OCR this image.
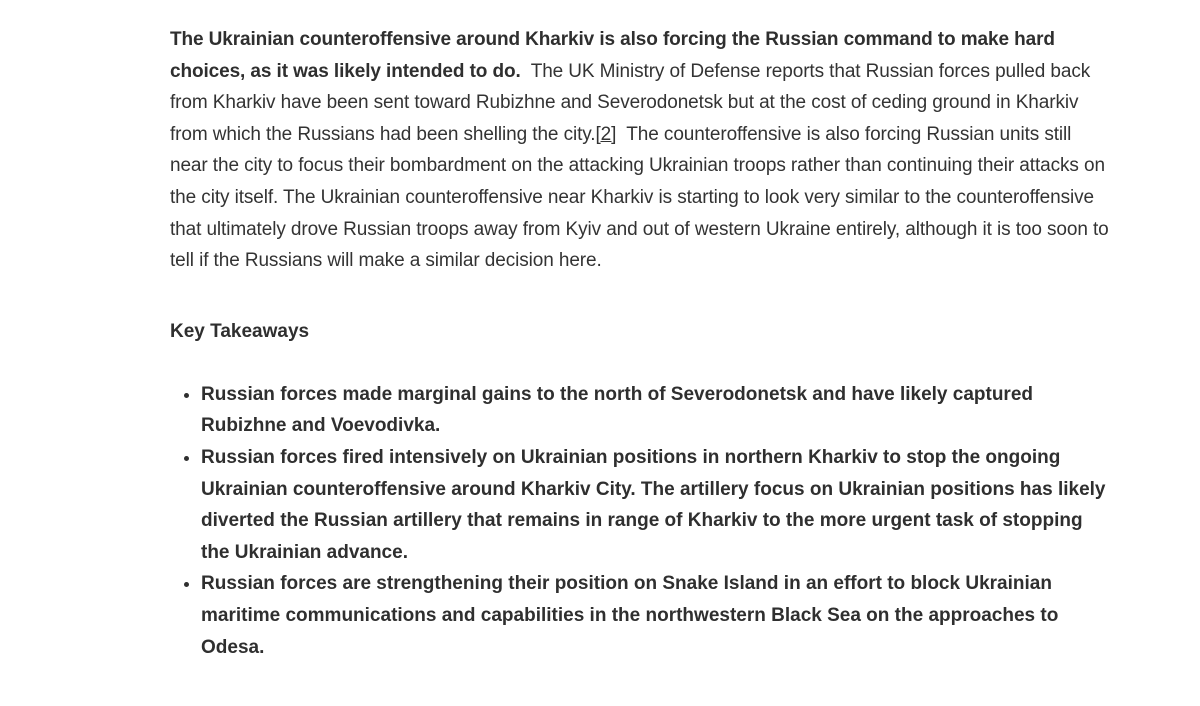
The Ukrainian counteroffensive around Kharkiv is also forcing the Russian command to make hard choices, as it was likely intended to do. The UK Ministry of Defense reports that Russian forces pulled back from Kharkiv have been sent toward Rubizhne and Severodonetsk but at the cost of ceding ground in Kharkiv from which the Russians had been shelling the city.[2] The counteroffensive is also forcing Russian units still near the city to focus their bombardment on the attacking Ukrainian troops rather than continuing their attacks on the city itself. The Ukrainian counteroffensive near Kharkiv is starting to look very similar to the counteroffensive that ultimately drove Russian troops away from Kyiv and out of western Ukraine entirely, although it is too soon to tell if the Russians will make a similar decision here.

Key Takeaways
• Russian forces made marginal gains to the north of Severodonetsk and have likely captured Rubizhne and Voevodivka.
• Russian forces fired intensively on Ukrainian positions in northern Kharkiv to stop the ongoing Ukrainian counteroffensive around Kharkiv City. The artillery focus on Ukrainian positions has likely diverted the Russian artillery that remains in range of Kharkiv to the more urgent task of stopping the Ukrainian advance.
• Russian forces are strengthening their position on Snake Island in an effort to block Ukrainian maritime communications and capabilities in the northwestern Black Sea on the approaches to Odesa.
